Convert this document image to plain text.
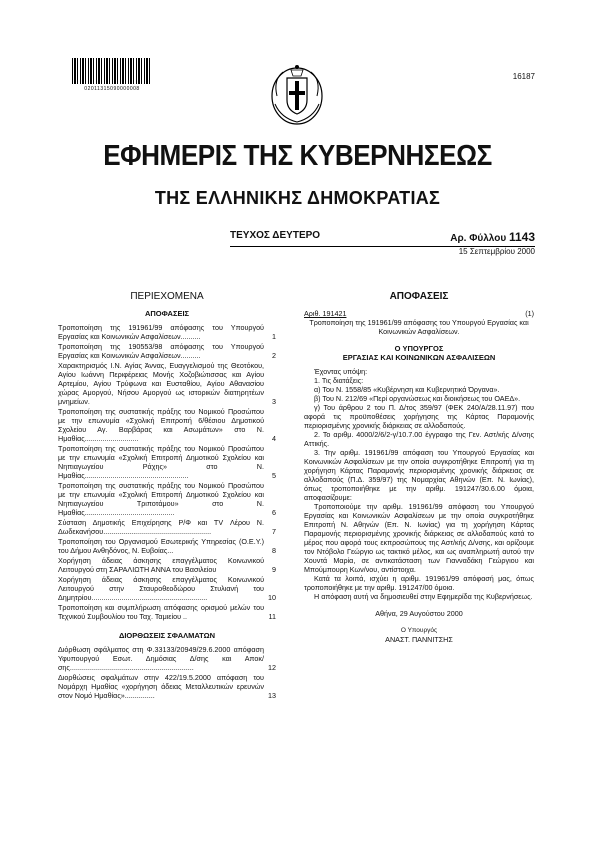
02011315090000008
16187
ΕΦΗΜΕΡΙΣ ΤΗΣ ΚΥΒΕΡΝΗΣΕΩΣ
ΤΗΣ ΕΛΛΗΝΙΚΗΣ ΔΗΜΟΚΡΑΤΙΑΣ
ΤΕΥΧΟΣ ΔΕΥΤΕΡΟ	Αρ. Φύλλου 1143
15 Σεπτεμβρίου 2000
ΠΕΡΙΕΧΟΜΕΝΑ
ΑΠΟΦΑΣΕΙΣ
Τροποποίηση της 191961/99 απόφασης του Υπουργού Εργασίας και Κοινωνικών Ασφαλίσεων..........	1
Τροποποίηση της 190553/98 απόφασης του Υπουργού Εργασίας και Κοινωνικών Ασφαλίσεων..........	2
Χαρακτηρισμός Ι.Ν. Αγίας Άννας, Ευαγγελισμού της Θεοτόκου, Αγίου Ιωάννη Περιφέρειας Μονής Χοζοβιώτισσας και Αγίου Αρτεμίου, Αγίου Τρύφωνα και Ευσταθίου, Αγίου Αθανασίου χώρας Αμοργού, Νήσου Αμοργού ως ιστορικών διατηρητέων μνημείων.	3
Τροποποίηση της συστατικής πράξης του Νομικού Προσώπου με την επωνυμία «Σχολική Επιτροπή 6/θέσιου Δημοτικού Σχολείου Αγ. Βαρβάρας και Ασωμάτων» στο Ν. Ημαθίας...........................	4
Τροποποίηση της συστατικής πράξης του Νομικού Προσώπου με την επωνυμία «Σχολική Επιτροπή Δημοτικού Σχολείου και Νηπιαγωγείου Ράχης» στο Ν. Ημαθίας....................................................	5
Τροποποίηση της συστατικής πράξης του Νομικού Προσώπου με την επωνυμία «Σχολική Επιτροπή Δημοτικού Σχολείου και Νηπιαγωγείου Τριποτάμου» στο Ν. Ημαθίας.............................................	6
Σύσταση Δημοτικής Επιχείρησης Ρ/Φ και TV Λέρου Ν. Δωδεκανήσου......................................................	7
Τροποποίηση του Οργανισμού Εσωτερικής Υπηρεσίας (Ο.Ε.Υ.) του Δήμου Ανθηδόνος, Ν. Ευβοίας...	8
Χορήγηση άδειας άσκησης επαγγέλματος Κοινωνικού Λειτουργού στη ΣΑΡΑΛΙΩΤΗ ΑΝΝΑ του Βασιλείου	9
Χορήγηση άδειας άσκησης επαγγέλματος Κοινωνικού Λειτουργού στην Σταυροθεοδώρου Στυλιανή του Δημητρίου..........................................................	10
Τροποποίηση και συμπλήρωση απόφασης ορισμού μελών του Τεχνικού Συμβουλίου του Ταχ. Ταμιείου ..	11
ΔΙΟΡΘΩΣΕΙΣ ΣΦΑΛΜΑΤΩΝ
Διόρθωση σφάλματος στη Φ.33133/20949/29.6.2000 απόφαση Υφυπουργού Εσωτ. Δημόσιας Δ/σης και Αποκ/σης..............................................................	12
Διορθώσεις σφαλμάτων στην 422/19.5.2000 απόφαση του Νομάρχη Ημαθίας «χορήγηση άδειας Μεταλλευτικών ερευνών στον Νομό Ημαθίας»...............	13
ΑΠΟΦΑΣΕΙΣ
Αριθ. 191421	(1)
Τροποποίηση της 191961/99 απόφασης του Υπουργού Εργασίας και Κοινωνικών Ασφαλίσεων.
Ο ΥΠΟΥΡΓΟΣ
ΕΡΓΑΣΙΑΣ ΚΑΙ ΚΟΙΝΩΝΙΚΩΝ ΑΣΦΑΛΙΣΕΩΝ

Έχοντας υπόψη:

1. Τις διατάξεις:

α) Του Ν. 1558/85 «Κυβέρνηση και Κυβερνητικά Όργανα».

β) Του Ν. 212/69 «Περί οργανώσεως και διοικήσεως του ΟΑΕΔ».

γ) Του άρθρου 2 του Π. Δ/τος 359/97 (ΦΕΚ 240/Α/28.11.97) που αφορά τις προϋποθέσεις χορήγησης της Κάρτας Παραμονής περιορισμένης χρονικής διάρκειας σε αλλοδαπούς.

2. Το αριθμ. 4000/2/6/2-γ/10.7.00 έγγραφο της Γεν. Αστ/κής Δ/νσης Αττικής.

3. Την αριθμ. 191961/99 απόφαση του Υπουργού Εργασίας και Κοινωνικών Ασφαλίσεων με την οποία συγκροτήθηκε Επιτροπή για τη χορήγηση Κάρτας Παραμονής περιορισμένης χρονικής διάρκειας σε αλλοδαπούς (Π.Δ. 359/97) της Νομαρχίας Αθηνών (Επ. Ν. Ιωνίας), όπως τροποποιήθηκε με την αριθμ. 191247/30.6.00 όμοια, αποφασίζουμε:

Τροποποιούμε την αριθμ. 191961/99 απόφαση του Υπουργού Εργασίας και Κοινωνικών Ασφαλίσεων με την οποία συγκροτήθηκε Επιτροπή Ν. Αθηνών (Επ. Ν. Ιωνίας) για τη χορήγηση Κάρτας Παραμονής περιορισμένης χρονικής διάρκειας σε αλλοδαπούς κατά το μέρος που αφορά τους εκπροσώπους της Αστ/κής Δ/νσης, και ορίζουμε τον Ντόβολο Γεώργιο ως τακτικό μέλος, και ως αναπληρωτή αυτού την Χουντά Μαρία, σε αντικατάσταση των Γιανναδάκη Γεώργιου και Μπούμπουρη Κων/νου, αντίστοιχα.

Κατά τα λοιπά, ισχύει η αριθμ. 191961/99 απόφασή μας, όπως τροποποιήθηκε με την αριθμ. 191247/00 όμοια.

Η απόφαση αυτή να δημοσιευθεί στην Εφημερίδα της Κυβερνήσεως.

Αθήνα, 29 Αυγούστου 2000
Ο Υπουργός
ΑΝΑΣΤ. ΠΑΝΝΙΤΣΗΣ
